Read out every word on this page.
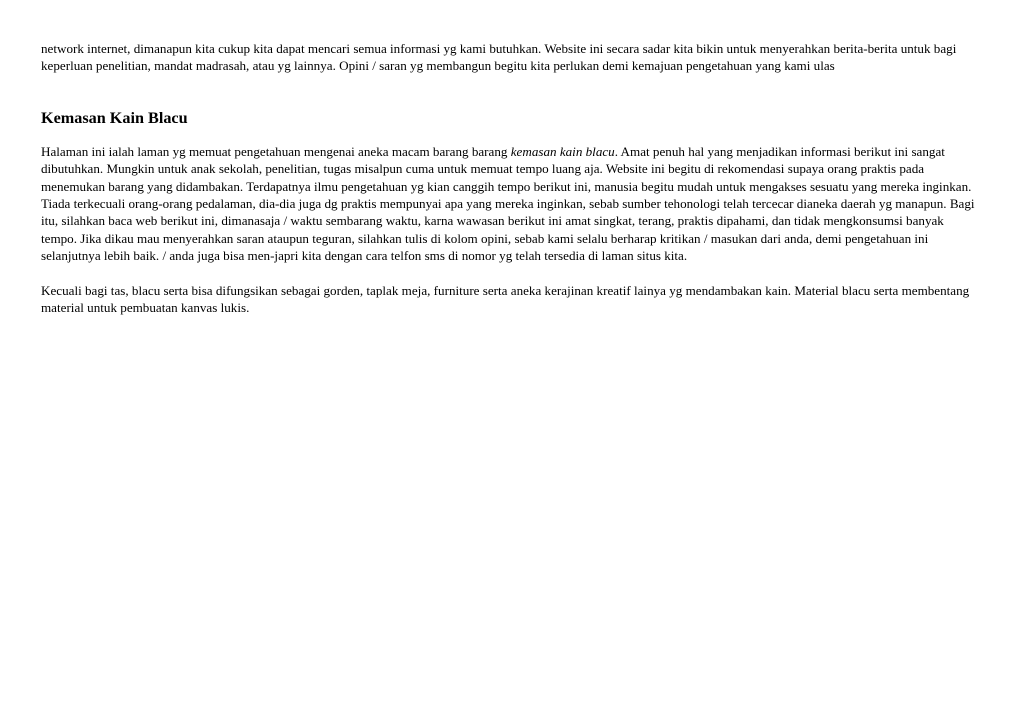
network internet, dimanapun kita cukup kita dapat mencari semua informasi yg kami butuhkan. Website ini secara sadar kita bikin untuk menyerahkan berita-berita untuk bagi keperluan penelitian, mandat madrasah, atau yg lainnya. Opini / saran yg membangun begitu kita perlukan demi kemajuan pengetahuan yang kami ulas

Kemasan Kain Blacu

Halaman ini ialah laman yg memuat pengetahuan mengenai aneka macam barang barang kemasan kain blacu. Amat penuh hal yang menjadikan informasi berikut ini sangat dibutuhkan. Mungkin untuk anak sekolah, penelitian, tugas misalpun cuma untuk memuat tempo luang aja. Website ini begitu di rekomendasi supaya orang praktis pada menemukan barang yang didambakan. Terdapatnya ilmu pengetahuan yg kian canggih tempo berikut ini, manusia begitu mudah untuk mengakses sesuatu yang mereka inginkan. Tiada terkecuali orang-orang pedalaman, dia-dia juga dg praktis mempunyai apa yang mereka inginkan, sebab sumber tehonologi telah tercecar dianeka daerah yg manapun. Bagi itu, silahkan baca web berikut ini, dimanasaja / waktu sembarang waktu, karna wawasan berikut ini amat singkat, terang, praktis dipahami, dan tidak mengkonsumsi banyak tempo. Jika dikau mau menyerahkan saran ataupun teguran, silahkan tulis di kolom opini, sebab kami selalu berharap kritikan / masukan dari anda, demi pengetahuan ini selanjutnya lebih baik. / anda juga bisa men-japri kita dengan cara telfon sms di nomor yg telah tersedia di laman situs kita.

Kecuali bagi tas, blacu serta bisa difungsikan sebagai gorden, taplak meja, furniture serta aneka kerajinan kreatif lainya yg mendambakan kain. Material blacu serta membentang material untuk pembuatan kanvas lukis.
